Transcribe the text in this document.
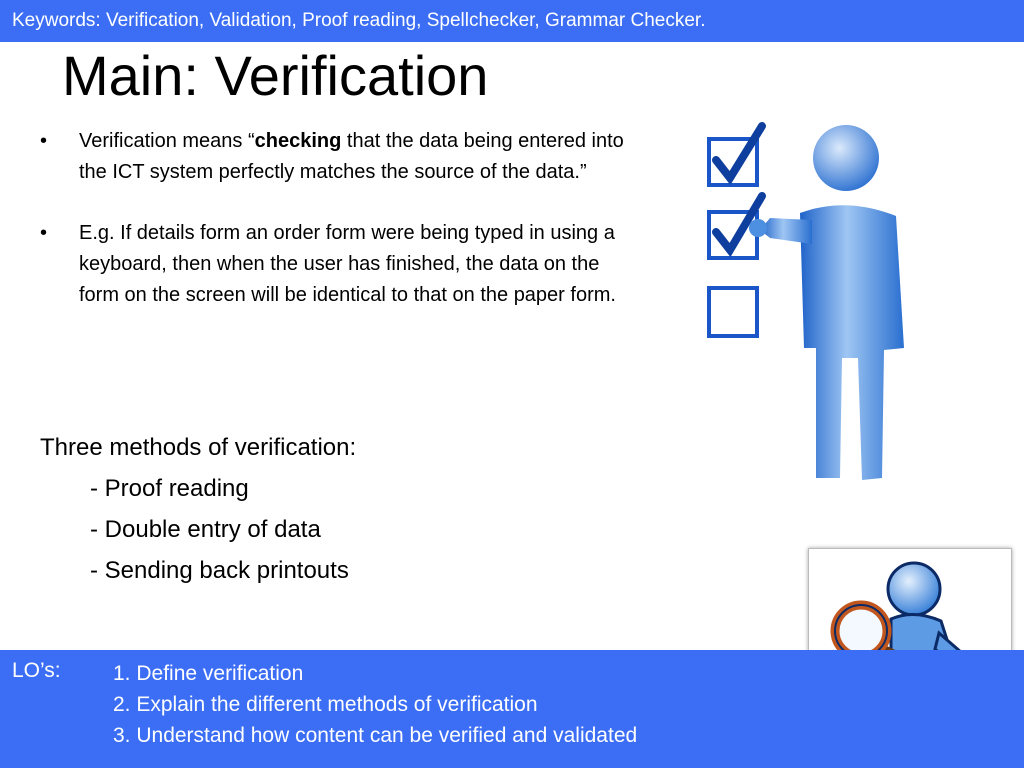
Keywords: Verification, Validation, Proof reading, Spellchecker, Grammar Checker.
Main: Verification
• Verification means “checking that the data being entered into the ICT system perfectly matches the source of the data.”
• E.g. If details form an order form were being typed in using a keyboard, then when the user has finished, the data on the form on the screen will be identical to that on the paper form.
Three methods of verification:
- Proof reading
- Double entry of data
- Sending back printouts
LO’s: 1. Define verification
2. Explain the different methods of verification
3. Understand how content can be verified and validated
